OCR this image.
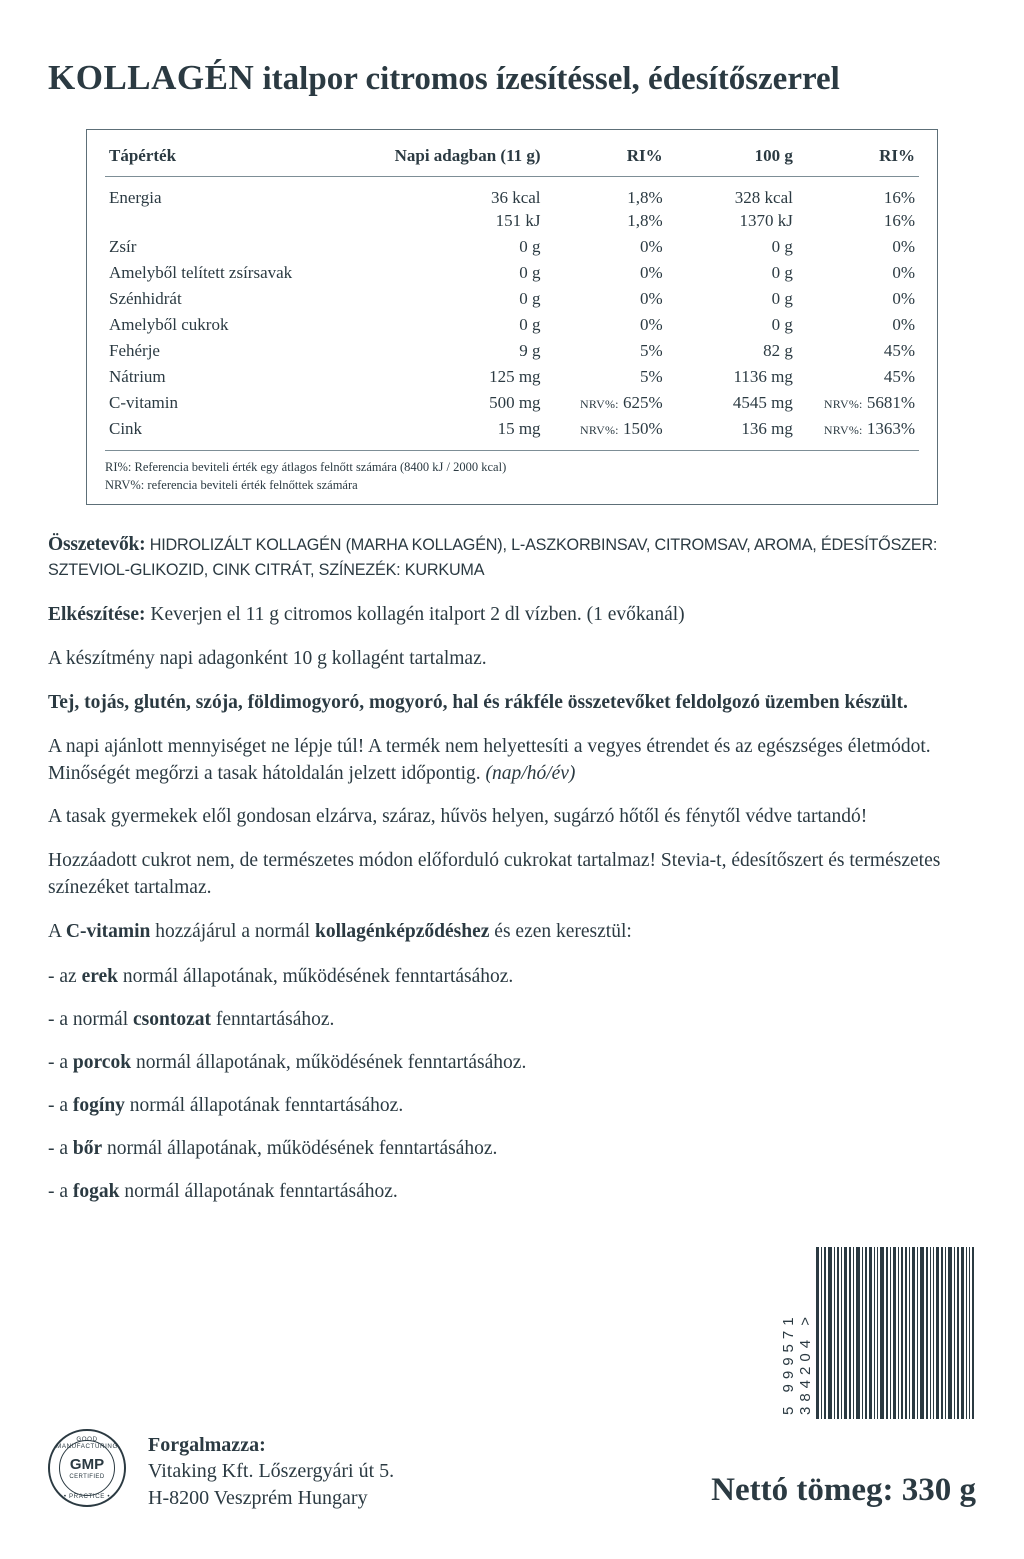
KOLLAGÉN italpor citromos ízesítéssel, édesítőszerrel
Tápérték	Napi adagban (11 g)	RI%	100 g	RI%
Energia	36 kcal	1,8%	328 kcal	16%
	151 kJ	1,8%	1370 kJ	16%
Zsír	0 g	0%	0 g	0%
Amelyből telített zsírsavak	0 g	0%	0 g	0%
Szénhidrát	0 g	0%	0 g	0%
Amelyből cukrok	0 g	0%	0 g	0%
Fehérje	9 g	5%	82 g	45%
Nátrium	125 mg	5%	1136 mg	45%
C-vitamin	500 mg	NRV%: 625%	4545 mg	NRV%: 5681%
Cink	15 mg	NRV%: 150%	136 mg	NRV%: 1363%
RI%: Referencia beviteli érték egy átlagos felnőtt számára (8400 kJ / 2000 kcal)
NRV%: referencia beviteli érték felnőttek számára

Összetevők: HIDROLIZÁLT KOLLAGÉN (MARHA KOLLAGÉN), L-ASZKORBINSAV, CITROMSAV, AROMA, ÉDESÍTŐSZER: SZTEVIOL-GLIKOZID, CINK CITRÁT, SZÍNEZÉK: KURKUMA

Elkészítése: Keverjen el 11 g citromos kollagén italport 2 dl vízben. (1 evőkanál)

A készítmény napi adagonként 10 g kollagént tartalmaz.

Tej, tojás, glutén, szója, földimogyoró, mogyoró, hal és rákféle összetevőket feldolgozó üzemben készült.

A napi ajánlott mennyiséget ne lépje túl! A termék nem helyettesíti a vegyes étrendet és az egészséges életmódot. Minőségét megőrzi a tasak hátoldalán jelzett időpontig. (nap/hó/év)

A tasak gyermekek elől gondosan elzárva, száraz, hűvös helyen, sugárzó hőtől és fénytől védve tartandó!

Hozzáadott cukrot nem, de természetes módon előforduló cukrokat tartalmaz! Stevia-t, édesítőszert és természetes színezéket tartalmaz.

A C-vitamin hozzájárul a normál kollagénképződéshez és ezen keresztül:

- az erek normál állapotának, működésének fenntartásához.

- a normál csontozat fenntartásához.

- a porcok normál állapotának, működésének fenntartásához.

- a fogíny normál állapotának fenntartásához.

- a bőr normál állapotának, működésének fenntartásához.

- a fogak normál állapotának fenntartásához.

5 999571 384204 >
GOOD MANUFACTURING
GMP
CERTIFIED
• PRACTICE •
Forgalmazza:
Vitaking Kft. Lőszergyári út 5.
H-8200 Veszprém Hungary	Nettó tömeg: 330 g
